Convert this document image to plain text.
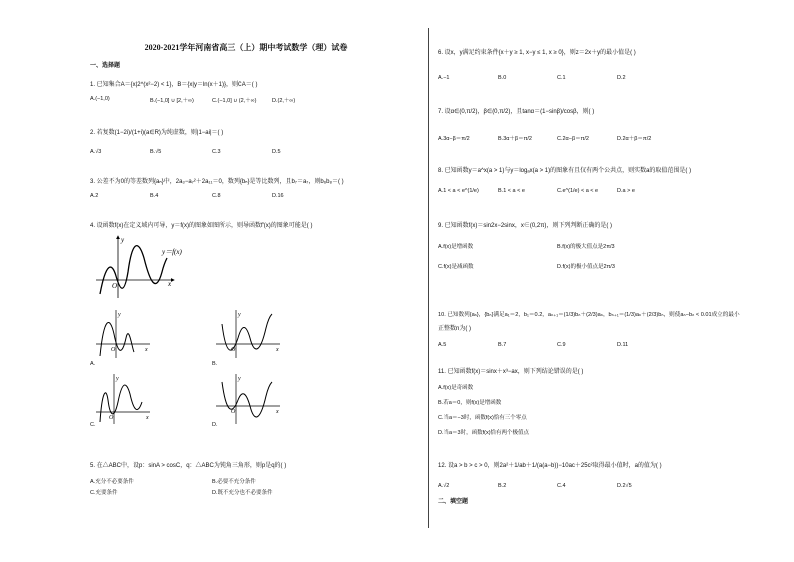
2020-2021学年河南省高三（上）期中考试数学（理）试卷
一、选择题
1. 已知集合A＝{x|2^(x²−2) < 1}，B＝{x|y＝ln(x＋1)}，则∁A＝( )
A.(−1,0)	B.(−1,0] ∪ [2,＋∞)	C.(−1,0] ∪ (2,＋∞)	D.(2,＋∞)
2. 若复数(1−2i)/(1+i)(a∈R)为纯虚数，则|1−ai|＝( )
A.√3	B.√5	C.3	D.5
3. 公差不为0的等差数列{aₙ}中，2a₃−a₇²＋2a₁₁＝0，数列{bₙ}是等比数列，且b₇＝a₇，则b₆b₈＝( )
A.2	B.4	C.8	D.16
4. 设函数f(x)在定义域内可导，y＝f(x)的图象如图所示，则导函数f′(x)的图象可能是( )
y
O	x
y＝f(x)
y
O	x
A.
y
O	x
B.
y
O	x
C.
y
O	x
D.
5. 在△ABC中，设p：sinA > cosC，q：△ABC为钝角三角形，则p是q的( )
A.充分不必要条件	B.必要不充分条件
C.充要条件	D.既不充分也不必要条件
6. 设x，y满足约束条件{x＋y ≥ 1, x−y ≤ 1, x ≥ 0}，则z＝2x＋y的最小值是( )
A.−1	B.0	C.1	D.2
7. 设α∈(0,π/2)，β∈(0,π/2)，且tanα＝(1−sinβ)/cosβ，则( )
A.3α−β＝π/2	B.3α＋β＝π/2	C.2α−β＝π/2	D.2α＋β＝π/2
8. 已知函数y＝a^x(a > 1)与y＝logₐx(a > 1)的图象有且仅有两个公共点，则实数a的取值范围是( )
A.1 < a < e^(1/e)	B.1 < a < e	C.e^(1/e) < a < e	D.a > e
9. 已知函数f(x)＝sin2x−2sinx，x∈(0,2π)，则下列判断正确的是( )
A.f(x)是增函数	B.f(x)的极大值点是2π/3
C.f(x)是减函数	D.f(x)的极小值点是2π/3
10. 已知数列{aₙ}，{bₙ}满足a₁＝2，b₁＝0.2，aₙ₊₁＝(1/3)bₙ＋(2/3)aₙ，bₙ₊₁＝(1/3)aₙ＋(2/3)bₙ，则使aₙ−bₙ < 0.01成立的最小
正整数n为( )
A.5	B.7	C.9	D.11
11. 已知函数f(x)＝sinx＋x³−ax，则下列结论错误的是( )
A.f(x)是奇函数
B.若a＝0，则f(x)是增函数
C.当a＝−3时，函数f(x)恰有三个零点
D.当a＝3时，函数f(x)恰有两个极值点
12. 设a > b > c > 0，则2a²＋1/ab＋1/(a(a−b))−10ac＋25c²取得最小值时，a的值为( )
A.√2	B.2	C.4	D.2√5
二、填空题
